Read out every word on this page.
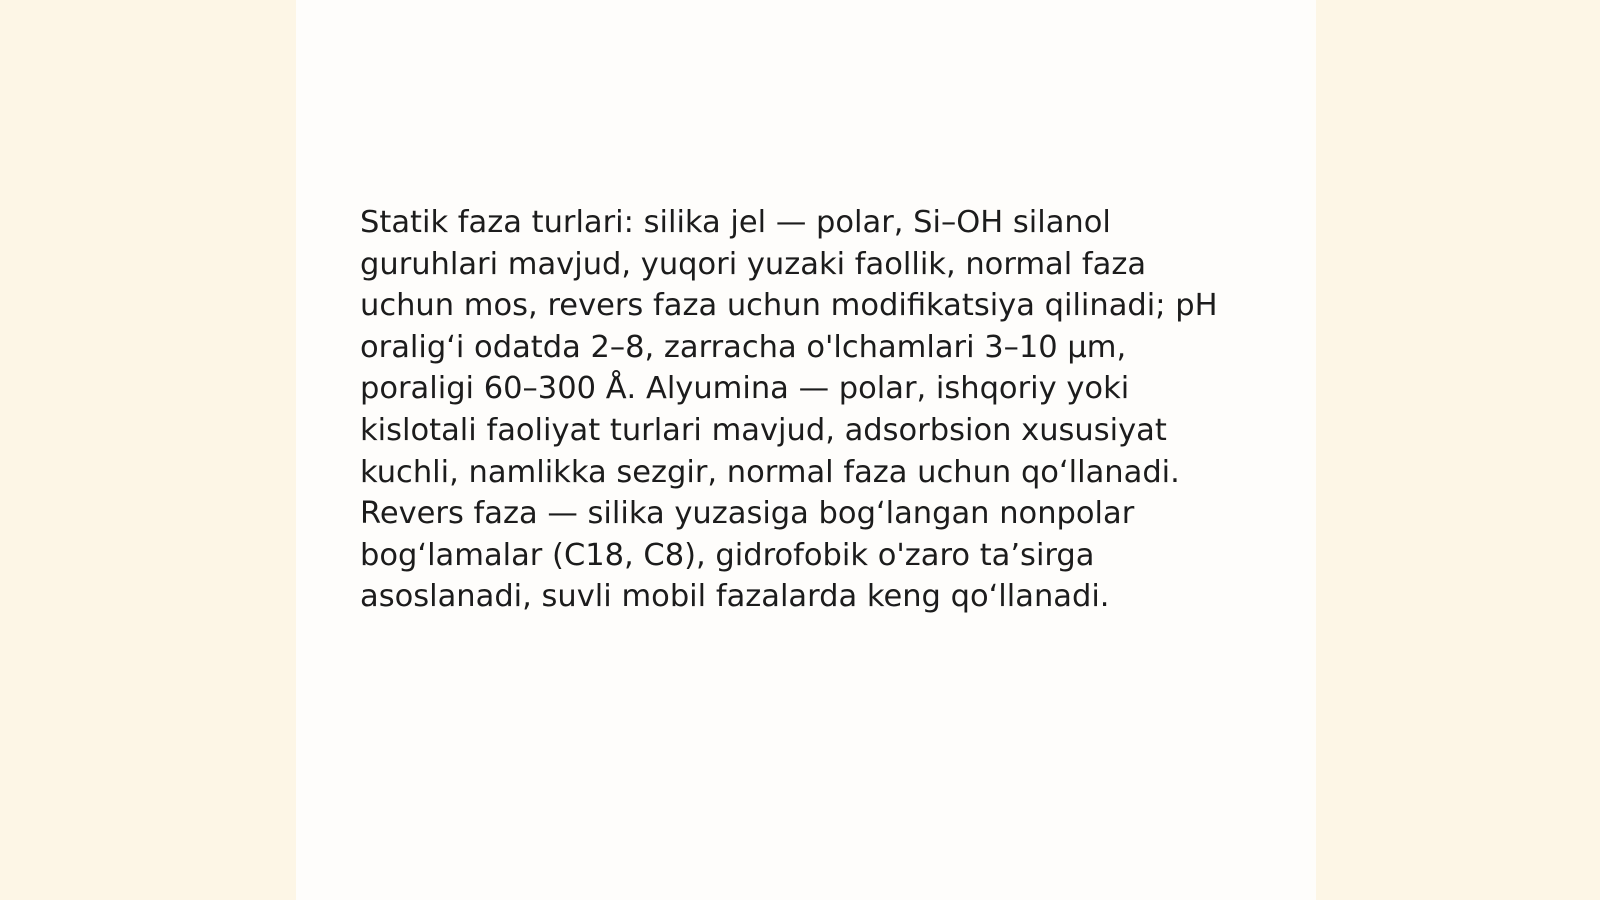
Statik faza turlari: silika jel — polar, Si–OH silanol guruhlari mavjud, yuqori yuzaki faollik, normal faza uchun mos, revers faza uchun modifikatsiya qilinadi; pH oralig‘i odatda 2–8, zarracha o'lchamlari 3–10 µm, poraligi 60–300 Å. Alyumina — polar, ishqoriy yoki kislotali faoliyat turlari mavjud, adsorbsion xususiyat kuchli, namlikka sezgir, normal faza uchun qo‘llanadi. Revers faza — silika yuzasiga bog‘langan nonpolar bog‘lamalar (C18, C8), gidrofobik o'zaro ta’sirga asoslanadi, suvli mobil fazalarda keng qo‘llanadi.
